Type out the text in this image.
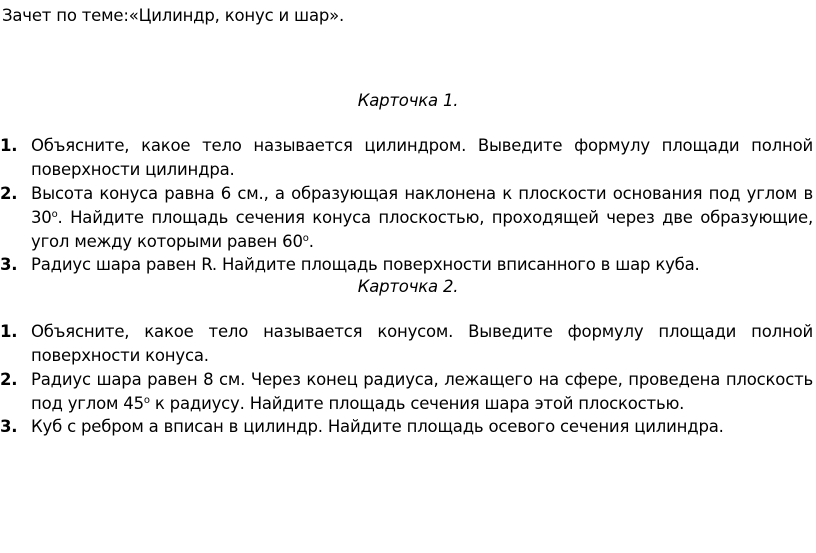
Зачет по теме:«Цилиндр, конус и шар».
Карточка 1.
1. Объясните, какое тело называется цилиндром. Выведите формулу площади полной поверхности цилиндра.
2. Высота конуса равна 6 см., а образующая наклонена к плоскости основания под углом в $30^о$. Найдите площадь сечения конуса плоскостью, проходящей через две образующие, угол между которыми равен $60^о$.
3. Радиус шара равен R. Найдите площадь поверхности вписанного в шар куба.
Карточка 2.
1. Объясните, какое тело называется конусом. Выведите формулу площади полной поверхности конуса.
2. Радиус шара равен 8 см. Через конец радиуса, лежащего на сфере, проведена плоскость под углом $45^о$ к радиусу. Найдите площадь сечения шара этой плоскостью.
3. Куб с ребром а вписан в цилиндр. Найдите площадь осевого сечения цилиндра.
